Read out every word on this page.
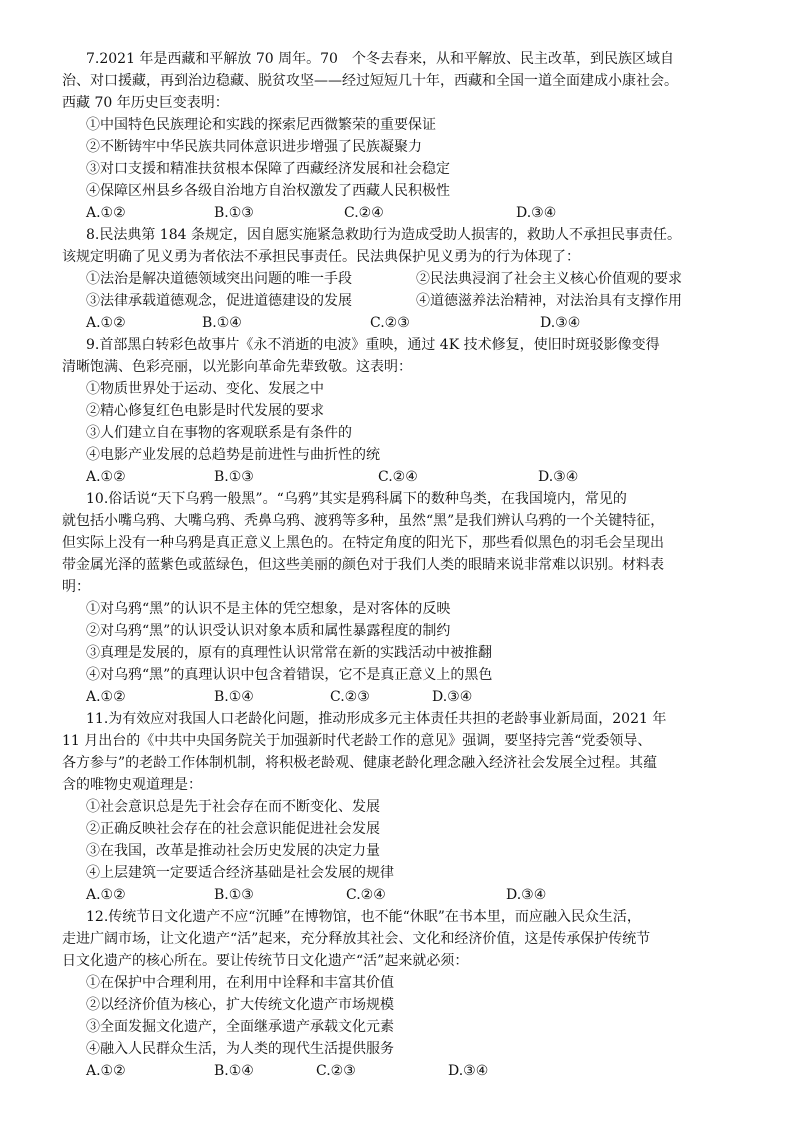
7.2021 年是西藏和平解放 70 周年。70　个冬去春来，从和平解放、民主改革，到民族区域自
治、对口援藏，再到治边稳藏、脱贫攻坚——经过短短几十年，西藏和全国一道全面建成小康社会。
西藏 70 年历史巨变表明：
①中国特色民族理论和实践的探索尼西微繁荣的重要保证
②不断铸牢中华民族共同体意识进步增强了民族凝聚力
③对口支援和精准扶贫根本保障了西藏经济发展和社会稳定
④保障区州县乡各级自治地方自治权激发了西藏人民积极性
A.①②	B.①③	C.②④	D.③④
8.民法典第 184 条规定，因自愿实施紧急救助行为造成受助人损害的，救助人不承担民事责任。
该规定明确了见义勇为者依法不承担民事责任。民法典保护见义勇为的行为体现了：
①法治是解决道德领域突出问题的唯一手段	②民法典浸润了社会主义核心价值观的要求
③法律承载道德观念，促进道德建设的发展	④道德滋养法治精神，对法治具有支撑作用
A.①②	B.①④	C.②③	D.③④
9.首部黑白转彩色故事片《永不消逝的电波》重映，通过 4K 技术修复，使旧时斑驳影像变得
清晰饱满、色彩亮丽，以光影向革命先辈致敬。这表明：
①物质世界处于运动、变化、发展之中
②精心修复红色电影是时代发展的要求
③人们建立自在事物的客观联系是有条件的
④电影产业发展的总趋势是前进性与曲折性的统
A.①②	B.①③	C.②④	D.③④
10.俗话说“天下乌鸦一般黑”。“乌鸦”其实是鸦科属下的数种鸟类，在我国境内，常见的
就包括小嘴乌鸦、大嘴乌鸦、秃鼻乌鸦、渡鸦等多种，虽然“黑”是我们辨认乌鸦的一个关键特征，
但实际上没有一种乌鸦是真正意义上黑色的。在特定角度的阳光下，那些看似黑色的羽毛会呈现出
带金属光泽的蓝紫色或蓝绿色，但这些美丽的颜色对于我们人类的眼睛来说非常难以识别。材料表
明：
①对乌鸦“黑”的认识不是主体的凭空想象，是对客体的反映
②对乌鸦“黑”的认识受认识对象本质和属性暴露程度的制约
③真理是发展的，原有的真理性认识常常在新的实践活动中被推翻
④对乌鸦“黑”的真理认识中包含着错误，它不是真正意义上的黑色
A.①②	B.①④	C.②③	D.③④
11.为有效应对我国人口老龄化问题，推动形成多元主体责任共担的老龄事业新局面，2021 年
11 月出台的《中共中央国务院关于加强新时代老龄工作的意见》强调，要坚持完善“党委领导、
各方参与”的老龄工作体制机制，将积极老龄观、健康老龄化理念融入经济社会发展全过程。其蕴
含的唯物史观道理是：
①社会意识总是先于社会存在而不断变化、发展
②正确反映社会存在的社会意识能促进社会发展
③在我国，改革是推动社会历史发展的决定力量
④上层建筑一定要适合经济基础是社会发展的规律
A.①②	B.①③	C.②④	D.③④
12.传统节日文化遗产不应“沉睡”在博物馆，也不能“休眠”在书本里，而应融入民众生活，
走进广阔市场，让文化遗产“活”起来，充分释放其社会、文化和经济价值，这是传承保护传统节
日文化遗产的核心所在。要让传统节日文化遗产“活”起来就必须：
①在保护中合理利用，在利用中诠释和丰富其价值
②以经济价值为核心，扩大传统文化遗产市场规模
③全面发掘文化遗产，全面继承遗产承载文化元素
④融入人民群众生活，为人类的现代生活提供服务
A.①②	B.①④	C.②③	D.③④
